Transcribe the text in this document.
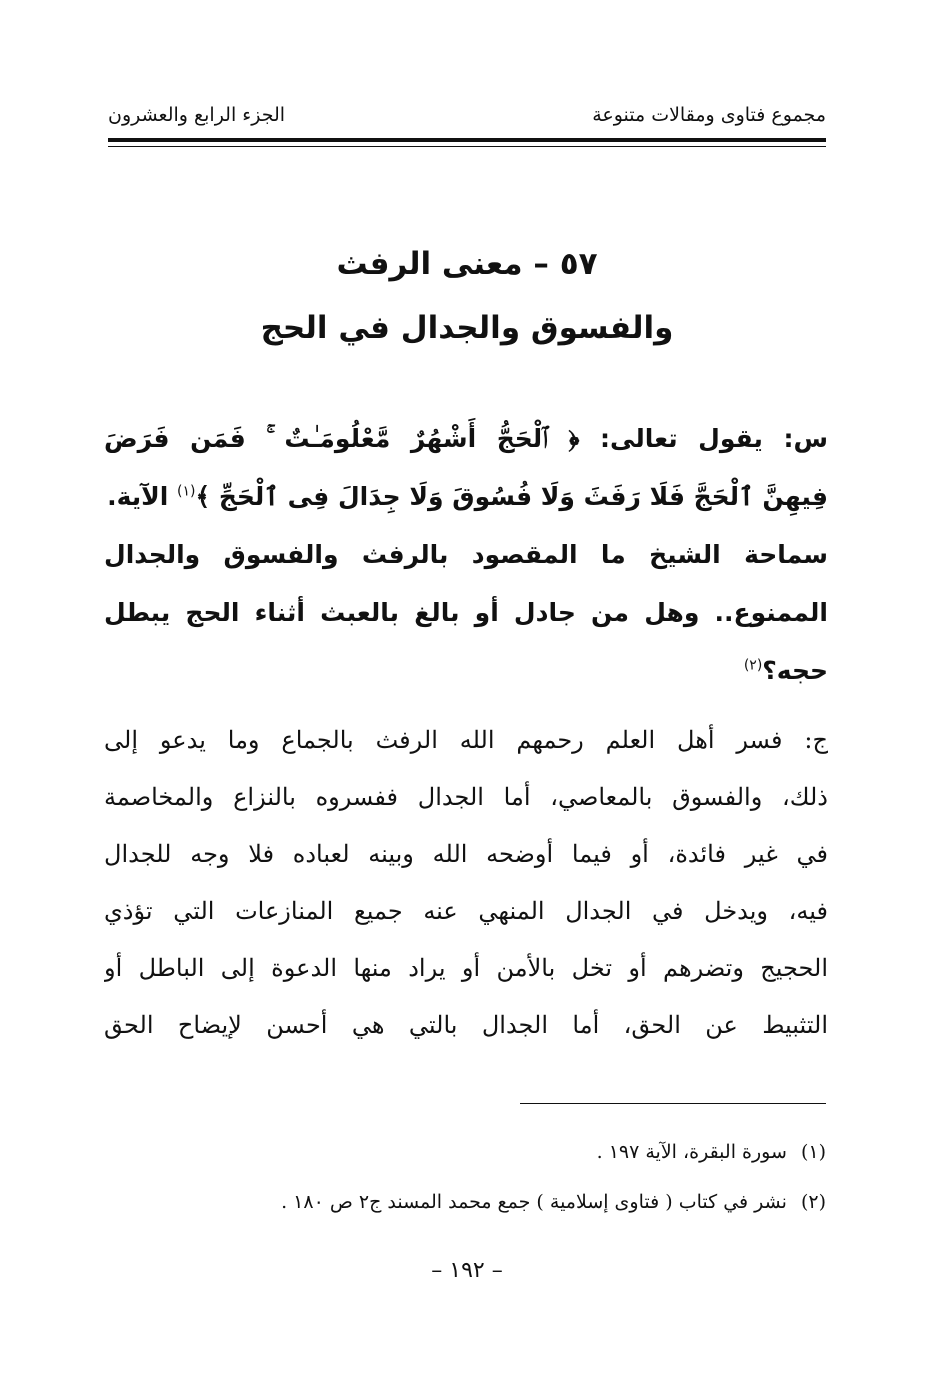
مجموع فتاوى ومقالات متنوعة
الجزء الرابع والعشرون
٥٧ – معنى الرفث
والفسوق والجدال في الحج
س: يقول تعالى: ﴿ ٱلْحَجُّ أَشْهُرٌ مَّعْلُومَـٰتٌ ۚ فَمَن فَرَضَ
فِيهِنَّ ٱلْحَجَّ فَلَا رَفَثَ وَلَا فُسُوقَ وَلَا جِدَالَ فِى ٱلْحَجِّ ﴾$^{(١)}$ الآية.
سماحة الشيخ ما المقصود بالرفث والفسوق والجدال
الممنوع.. وهل من جادل أو بالغ بالعبث أثناء الحج يبطل
حجه؟$^{(٢)}$
ج: فسر أهل العلم رحمهم الله الرفث بالجماع وما يدعو إلى
ذلك، والفسوق بالمعاصي، أما الجدال ففسروه بالنزاع والمخاصمة
في غير فائدة، أو فيما أوضحه الله وبينه لعباده فلا وجه للجدال
فيه، ويدخل في الجدال المنهي عنه جميع المنازعات التي تؤذي
الحجيج وتضرهم أو تخل بالأمن أو يراد منها الدعوة إلى الباطل أو
التثبيط عن الحق، أما الجدال بالتي هي أحسن لإيضاح الحق
(١) سورة البقرة، الآية ١٩٧ .
(٢) نشر في كتاب ( فتاوى إسلامية ) جمع محمد المسند ج٢ ص ١٨٠ .
– ١٩٢ –
